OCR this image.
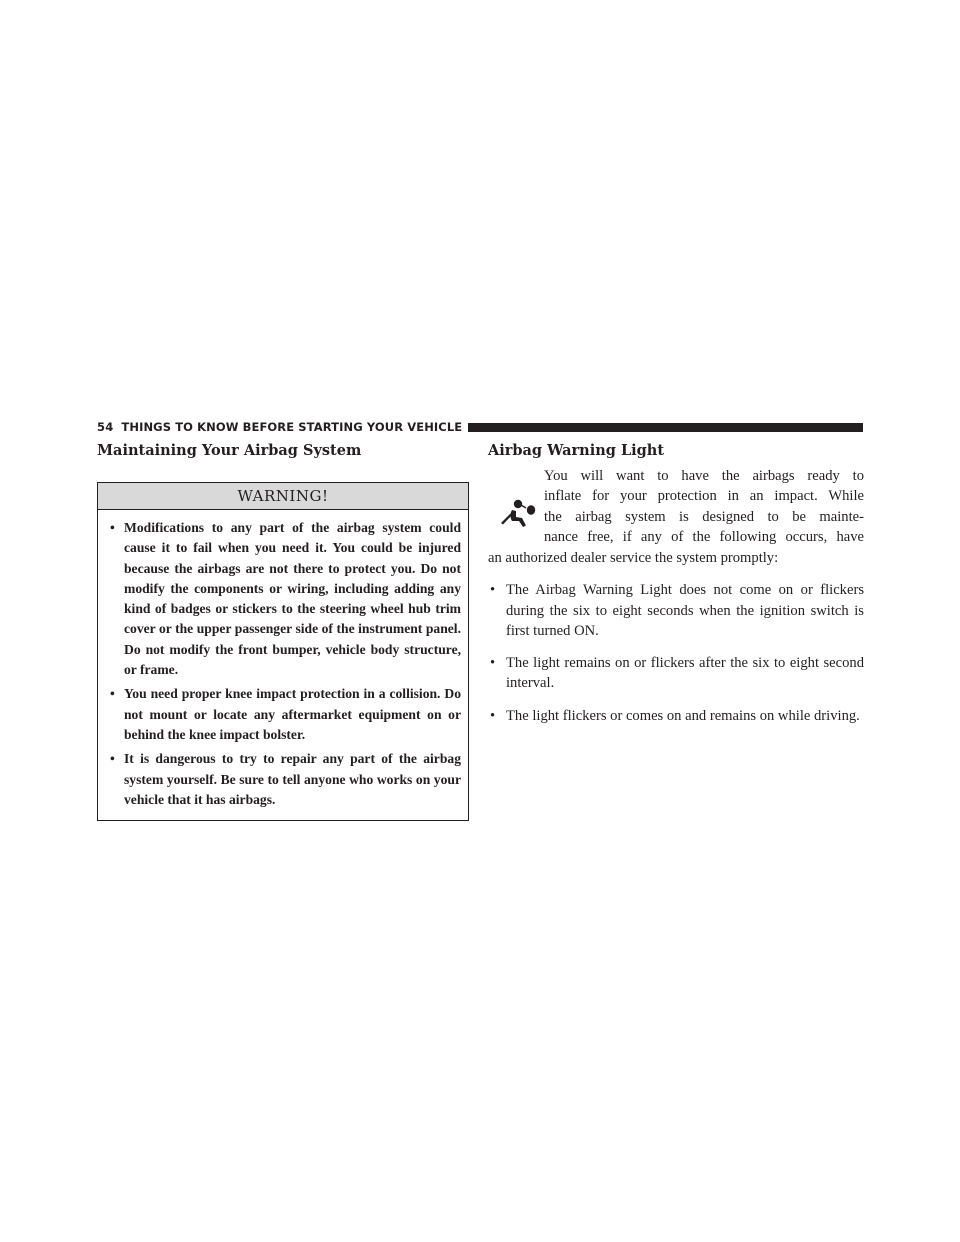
54 THINGS TO KNOW BEFORE STARTING YOUR VEHICLE
Maintaining Your Airbag System
WARNING!
• Modifications to any part of the airbag system could cause it to fail when you need it. You could be injured because the airbags are not there to protect you. Do not modify the components or wiring, including adding any kind of badges or stickers to the steering wheel hub trim cover or the upper passenger side of the instrument panel. Do not modify the front bumper, vehicle body structure, or frame.
• You need proper knee impact protection in a collision. Do not mount or locate any aftermarket equipment on or behind the knee impact bolster.
• It is dangerous to try to repair any part of the airbag system yourself. Be sure to tell anyone who works on your vehicle that it has airbags.
Airbag Warning Light
You will want to have the airbags ready to
inflate for your protection in an impact. While
the airbag system is designed to be mainte-
nance free, if any of the following occurs, have
an authorized dealer service the system promptly:
• The Airbag Warning Light does not come on or flickers during the six to eight seconds when the ignition switch is first turned ON.
• The light remains on or flickers after the six to eight second interval.
• The light flickers or comes on and remains on while driving.
